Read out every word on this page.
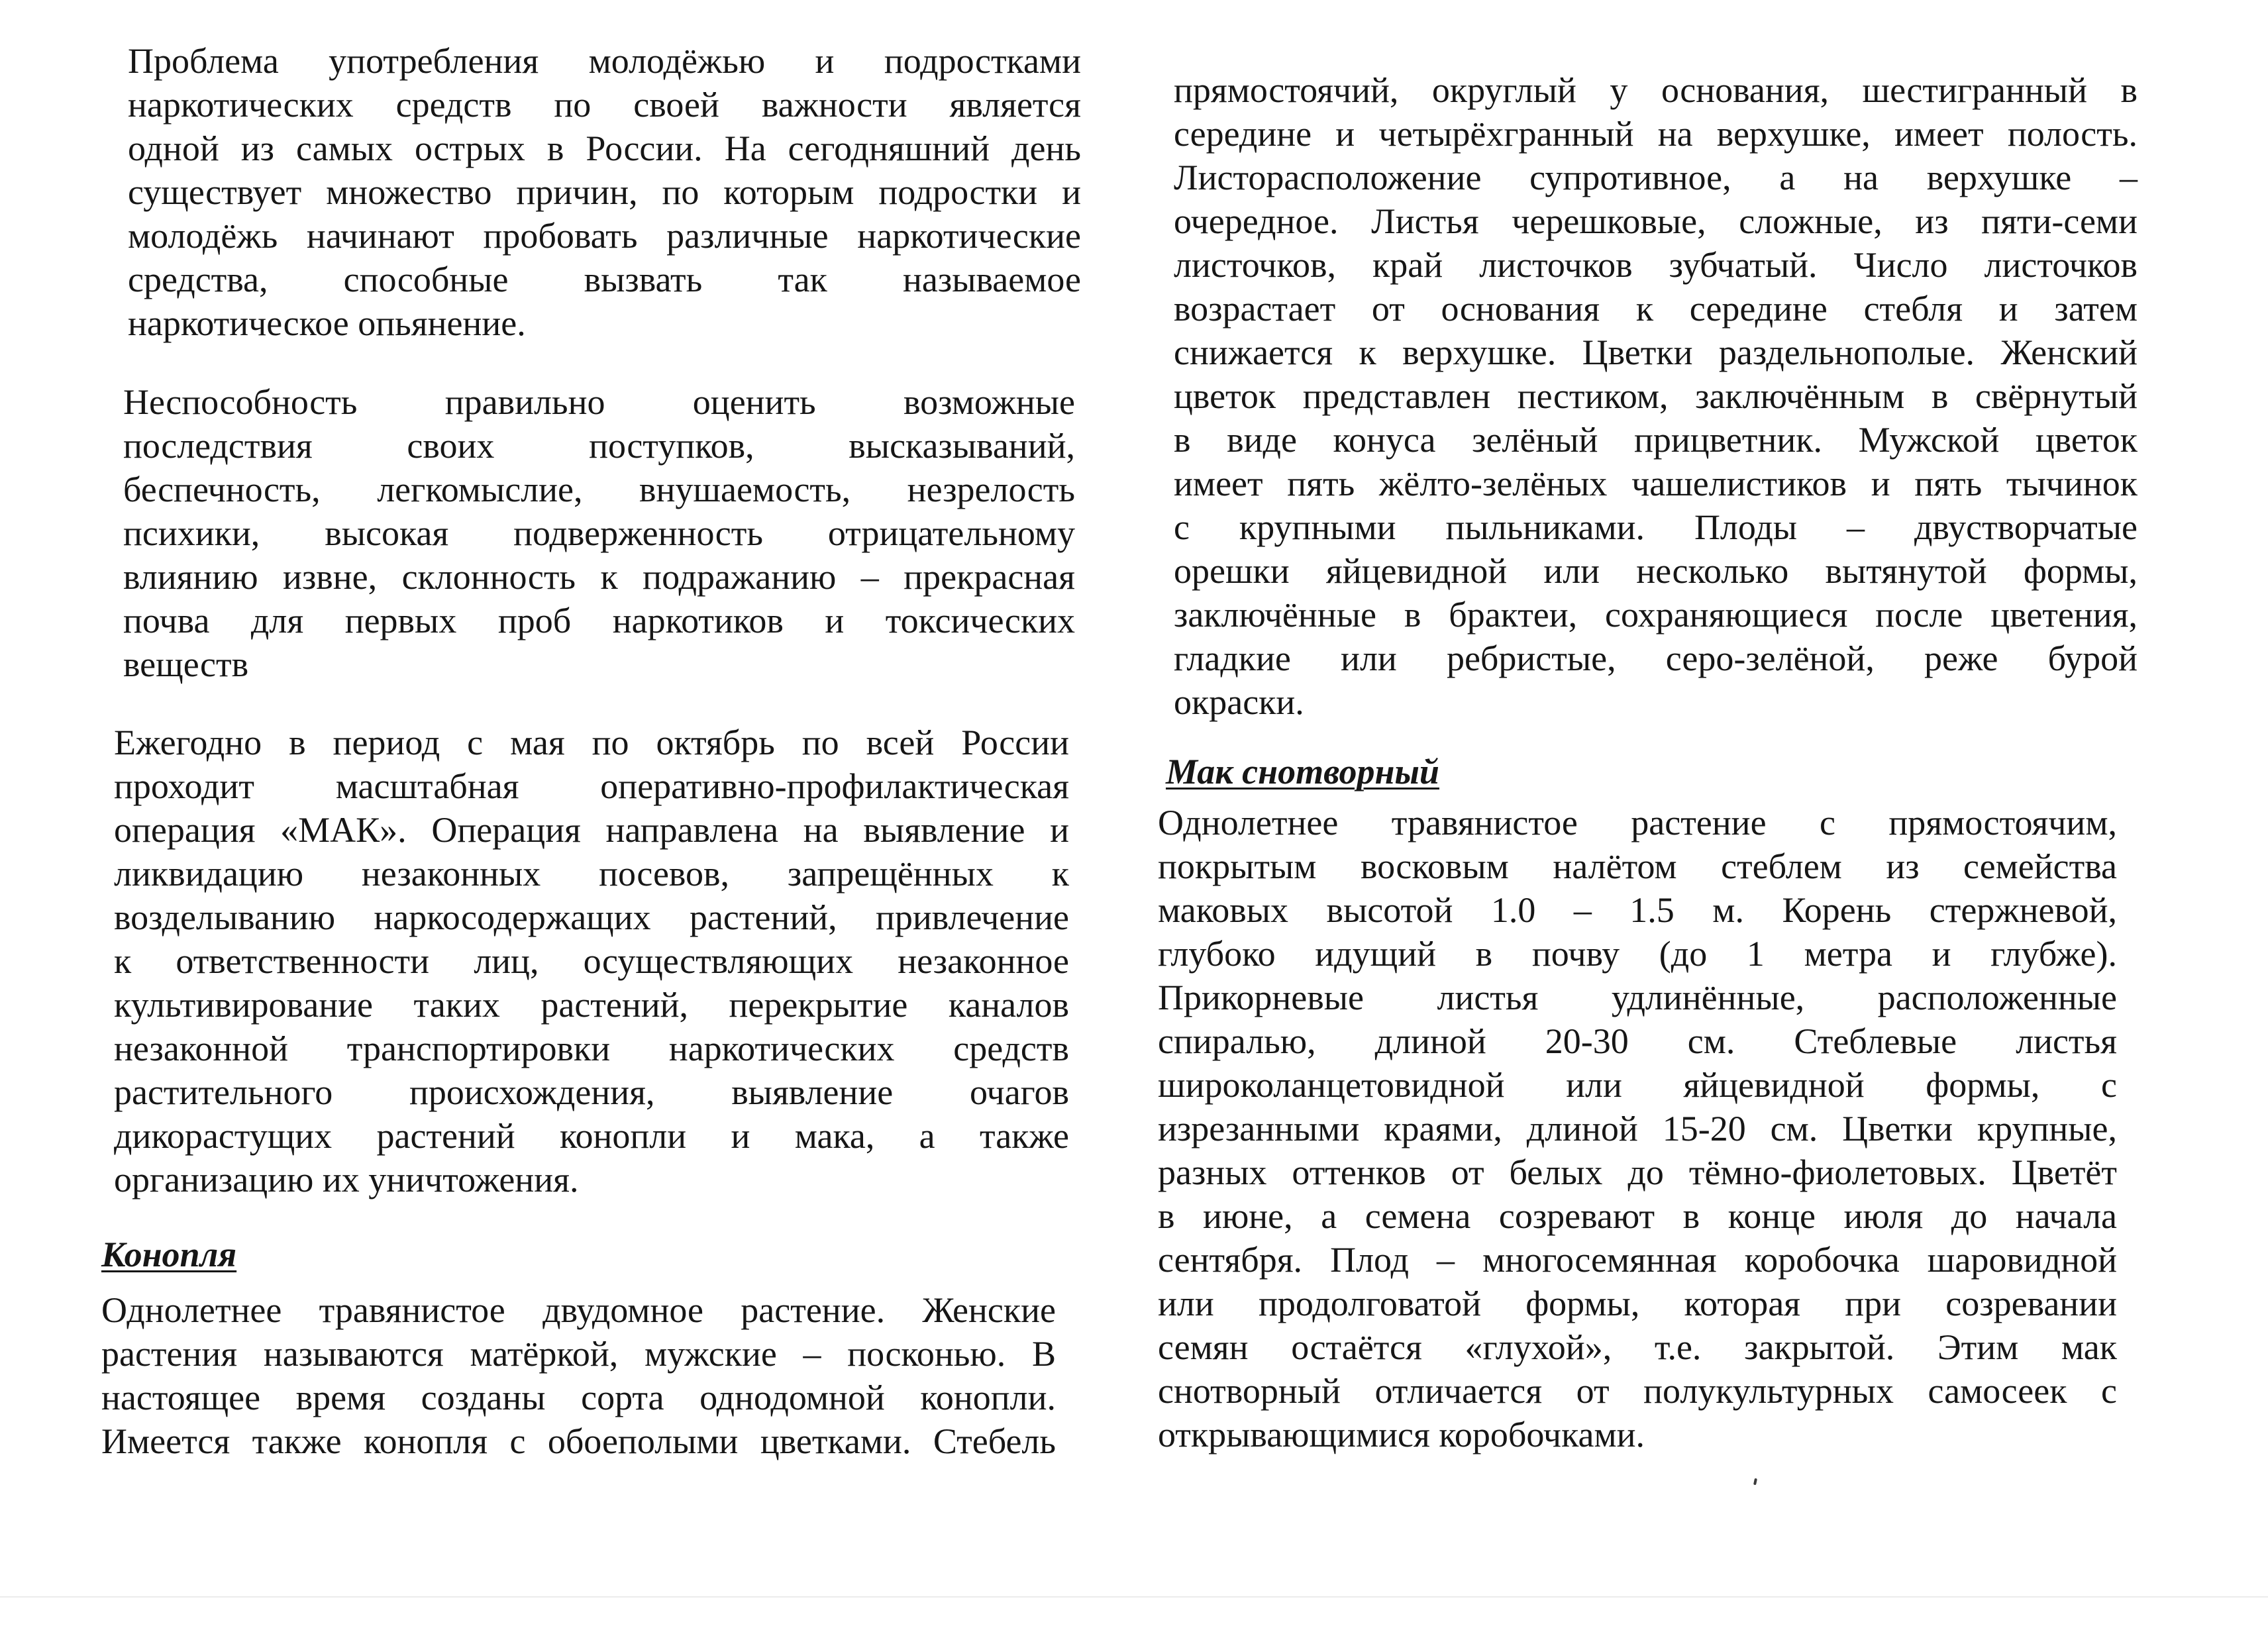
Проблема употребления молодёжью и подростками
наркотических средств по своей важности является
одной из самых острых в России. На сегодняшний день
существует множество причин, по которым подростки и
молодёжь начинают пробовать различные наркотические
средства, способные вызвать так называемое
наркотическое опьянение.
Неспособность правильно оценить возможные
последствия своих поступков, высказываний,
беспечность, легкомыслие, внушаемость, незрелость
психики, высокая подверженность отрицательному
влиянию извне, склонность к подражанию – прекрасная
почва для первых проб наркотиков и токсических
веществ
Ежегодно в период с мая по октябрь по всей России
проходит масштабная оперативно-профилактическая
операция «МАК». Операция направлена на выявление и
ликвидацию незаконных посевов, запрещённых к
возделыванию наркосодержащих растений, привлечение
к ответственности лиц, осуществляющих незаконное
культивирование таких растений, перекрытие каналов
незаконной транспортировки наркотических средств
растительного происхождения, выявление очагов
дикорастущих растений конопли и мака, а также
организацию их уничтожения.
Конопля
Однолетнее травянистое двудомное растение. Женские
растения называются матёркой, мужские – посконью. В
настоящее время созданы сорта однодомной конопли.
Имеется также конопля с обоеполыми цветками. Стебель
прямостоячий, округлый у основания, шестигранный в
середине и четырёхгранный на верхушке, имеет полость.
Листорасположение супротивное, а на верхушке –
очередное. Листья черешковые, сложные, из пяти-семи
листочков, край листочков зубчатый. Число листочков
возрастает от основания к середине стебля и затем
снижается к верхушке. Цветки раздельнополые. Женский
цветок представлен пестиком, заключённым в свёрнутый
в виде конуса зелёный прицветник. Мужской цветок
имеет пять жёлто-зелёных чашелистиков и пять тычинок
с крупными пыльниками. Плоды – двустворчатые
орешки яйцевидной или несколько вытянутой формы,
заключённые в брактеи, сохраняющиеся после цветения,
гладкие или ребристые, серо-зелёной, реже бурой
окраски.
Мак снотворный
Однолетнее травянистое растение с прямостоячим,
покрытым восковым налётом стеблем из семейства
маковых высотой 1.0 – 1.5 м. Корень стержневой,
глубоко идущий в почву (до 1 метра и глубже).
Прикорневые листья удлинённые, расположенные
спиралью, длиной 20-30 см. Стеблевые листья
широколанцетовидной или яйцевидной формы, с
изрезанными краями, длиной 15-20 см. Цветки крупные,
разных оттенков от белых до тёмно-фиолетовых. Цветёт
в июне, а семена созревают в конце июля до начала
сентября. Плод – многосемянная коробочка шаровидной
или продолговатой формы, которая при созревании
семян остаётся «глухой», т.е. закрытой. Этим мак
снотворный отличается от полукультурных самосеек с
открывающимися коробочками.
